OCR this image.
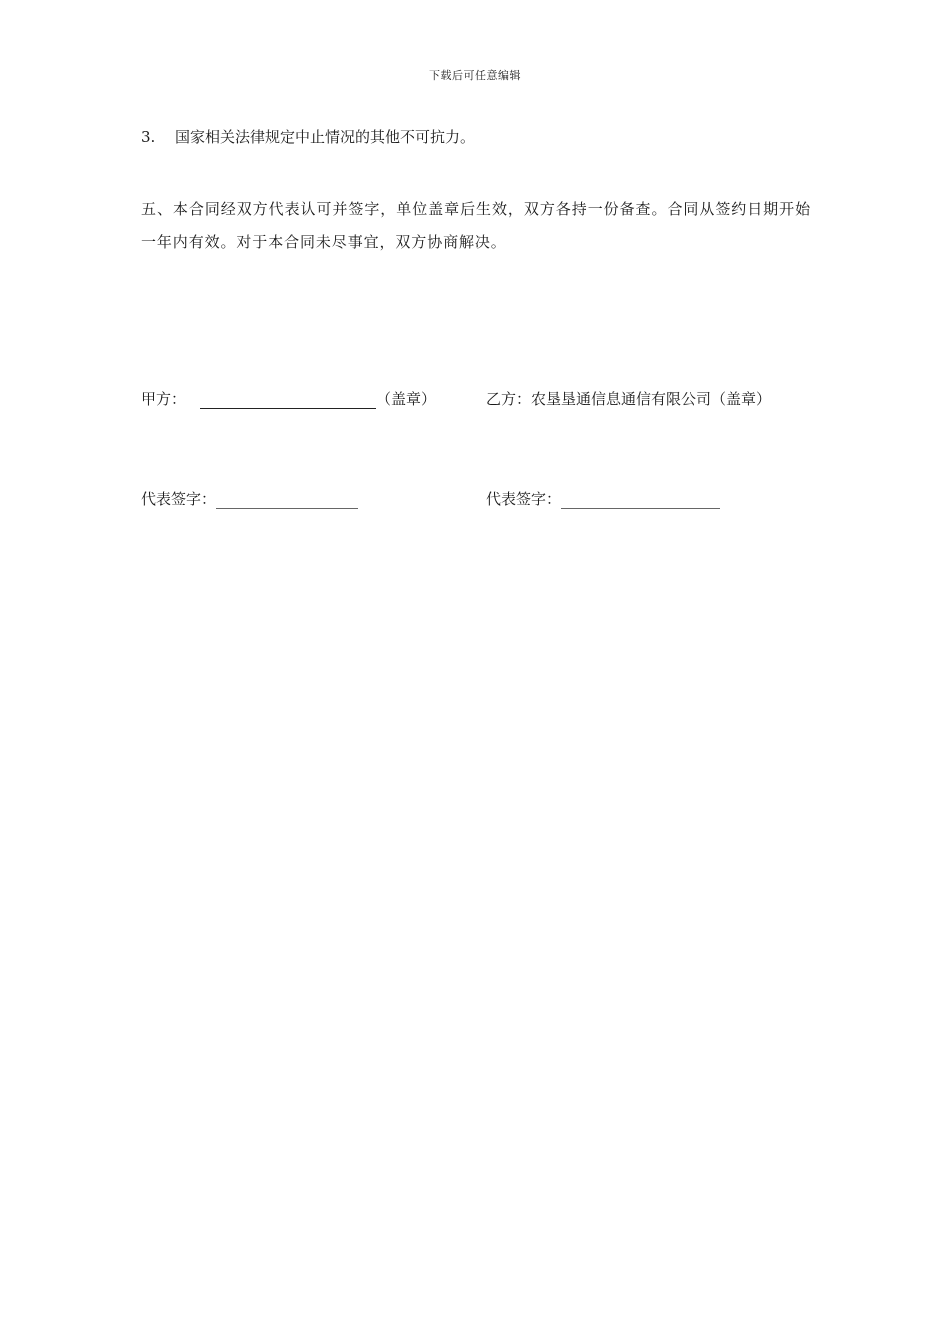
下载后可任意编辑
3. 国家相关法律规定中止情况的其他不可抗力。
五、本合同经双方代表认可并签字，单位盖章后生效，双方各持一份备查。合同从签约日期开始一年内有效。对于本合同未尽事宜，双方协商解决。
甲方：	（盖章）	乙方：农垦垦通信息通信有限公司（盖章）
代表签字：	代表签字：
